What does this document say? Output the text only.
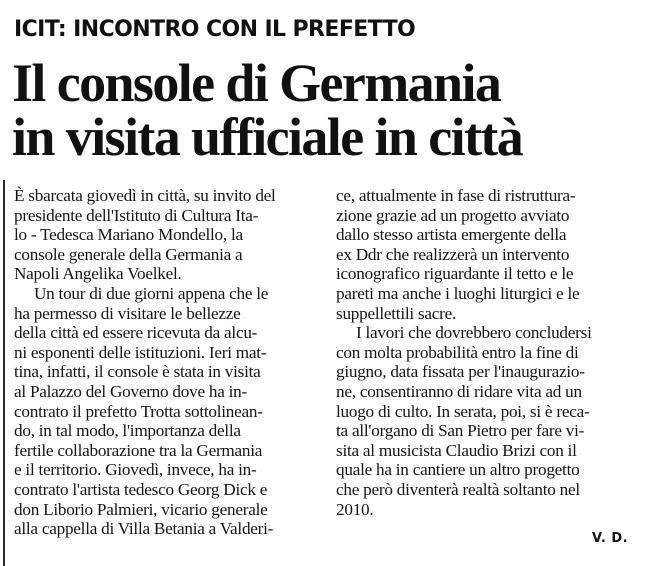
ICIT: INCONTRO CON IL PREFETTO
Il console di Germania
in visita ufficiale in città
È sbarcata giovedì in città, su invito del
presidente dell'Istituto di Cultura Ita-
lo - Tedesca Mariano Mondello, la
console generale della Germania a
Napoli Angelika Voelkel.
Un tour di due giorni appena che le
ha permesso di visitare le bellezze
della città ed essere ricevuta da alcu-
ni esponenti delle istituzioni. Ieri mat-
tina, infatti, il console è stata in visita
al Palazzo del Governo dove ha in-
contrato il prefetto Trotta sottolinean-
do, in tal modo, l'importanza della
fertile collaborazione tra la Germania
e il territorio. Giovedì, invece, ha in-
contrato l'artista tedesco Georg Dick e
don Liborio Palmieri, vicario generale
alla cappella di Villa Betania a Valderi-
ce, attualmente in fase di ristruttura-
zione grazie ad un progetto avviato
dallo stesso artista emergente della
ex Ddr che realizzerà un intervento
iconografico riguardante il tetto e le
pareti ma anche i luoghi liturgici e le
suppellettili sacre.
I lavori che dovrebbero concludersi
con molta probabilità entro la fine di
giugno, data fissata per l'inaugurazio-
ne, consentiranno di ridare vita ad un
luogo di culto. In serata, poi, si è reca-
ta all'organo di San Pietro per fare vi-
sita al musicista Claudio Brizi con il
quale ha in cantiere un altro progetto
che però diventerà realtà soltanto nel
2010.
V. D.
